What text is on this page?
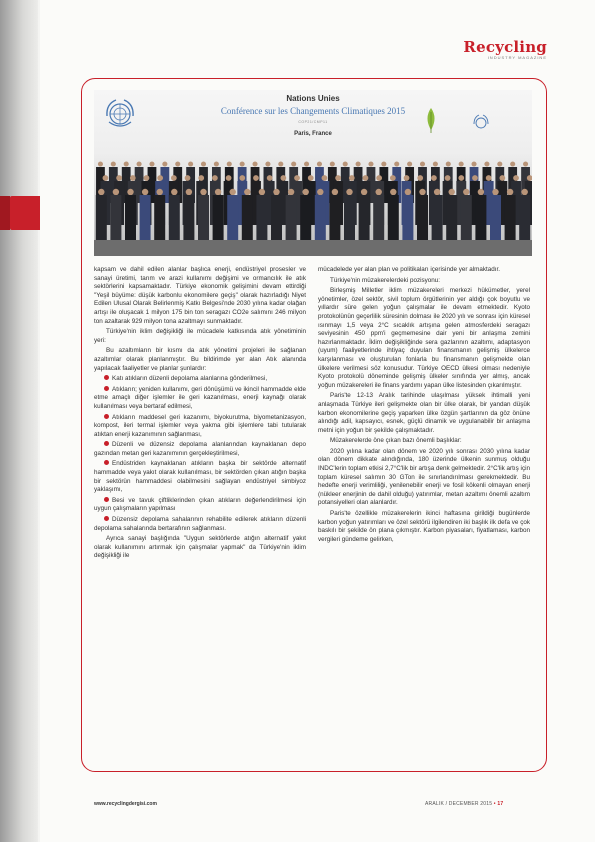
Recycling
INDUSTRY MAGAZINE
Nations Unies
Conférence sur les Changements Climatiques 2015
COP21/CMP11
Paris, France

kapsam ve dahil edilen alanlar başlıca enerji, endüstriyel prosesler ve sanayi üretimi, tarım ve arazi kullanımı değişimi ve ormancılık ile atık sektörlerini kapsamaktadır. Türkiye ekonomik gelişimini devam ettirdiği "Yeşil büyüme: düşük karbonlu ekonomilere geçiş" olarak hazırladığı Niyet Edilen Ulusal Olarak Belirlenmiş Katkı Belgesi'nde 2030 yılına kadar olağan artışı ile oluşacak 1 milyon 175 bin ton seragazı CO2e salımını 246 milyon ton azaltarak 929 milyon tona azaltmayı sunmaktadır.

Türkiye'nin iklim değişikliği ile mücadele katkısında atık yönetiminin yeri:

Bu azaltımların bir kısmı da atık yönetimi projeleri ile sağlanan azaltımlar olarak planlanmıştır. Bu bildirimde yer alan Atık alanında yapılacak faaliyetler ve planlar şunlardır:

Katı atıkların düzenli depolama alanlarına gönderilmesi,

Atıkların; yeniden kullanımı, geri dönüşümü ve ikincil hammadde elde etme amaçlı diğer işlemler ile geri kazanılması, enerji kaynağı olarak kullanılması veya bertaraf edilmesi,

Atıkların maddesel geri kazanımı, biyokurutma, biyometanizasyon, kompost, ileri termal işlemler veya yakma gibi işlemlere tabi tutularak atıktan enerji kazanımının sağlanması,

Düzenli ve düzensiz depolama alanlarından kaynaklanan depo gazından metan geri kazanımının gerçekleştirilmesi,

Endüstriden kaynaklanan atıkların başka bir sektörde alternatif hammadde veya yakıt olarak kullanılması, bir sektörden çıkan atığın başka bir sektörün hammaddesi olabilmesini sağlayan endüstriyel simbiyoz yaklaşımı,

Besi ve tavuk çiftliklerinden çıkan atıkların değerlendirilmesi için uygun çalışmaların yapılması

Düzensiz depolama sahalarının rehabilite edilerek atıkların düzenli depolama sahalarında bertarafının sağlanması.

Ayrıca sanayi başlığında "Uygun sektörlerde atığın alternatif yakıt olarak kullanımını artırmak için çalışmalar yapmak" da Türkiye'nin iklim değişikliği ile

mücadelede yer alan plan ve politikaları içerisinde yer almaktadır.

Türkiye'nin müzakerelerdeki pozisyonu:

Birleşmiş Milletler iklim müzakereleri merkezi hükümetler, yerel yönetimler, özel sektör, sivil toplum örgütlerinin yer aldığı çok boyutlu ve yıllardır süre gelen yoğun çalışmalar ile devam etmektedir. Kyoto protokolünün geçerlilik süresinin dolması ile 2020 yılı ve sonrası için küresel ısınmayı 1,5 veya 2°C sıcaklık artışına gelen atmosferdeki seragazı seviyesinin 450 ppm'i geçmemesine dair yeni bir anlaşma zemini hazırlanmaktadır. İklim değişikliğinde sera gazlarının azaltımı, adaptasyon (uyum) faaliyetlerinde ihtiyaç duyulan finansmanın gelişmiş ülkelerce karşılanması ve oluşturulan fonlarla bu finansmanın gelişmekte olan ülkelere verilmesi söz konusudur. Türkiye OECD ülkesi olması nedeniyle Kyoto protokolü döneminde gelişmiş ülkeler sınıfında yer almış, ancak yoğun müzakereleri ile finans yardımı yapan ülke listesinden çıkarılmıştır.

Paris'te 12-13 Aralık tarihinde ulaşılması yüksek ihtimalli yeni anlaşmada Türkiye ileri gelişmekte olan bir ülke olarak, bir yandan düşük karbon ekonomilerine geçiş yaparken ülke özgün şartlarının da göz önüne alındığı adil, kapsayıcı, esnek, güçlü dinamik ve uygulanabilir bir anlaşma metni için yoğun bir şekilde çalışmaktadır.

Müzakerelerde öne çıkan bazı önemli başlıklar:

2020 yılına kadar olan dönem ve 2020 yılı sonrası 2030 yılına kadar olan dönem dikkate alındığında, 180 üzerinde ülkenin sunmuş olduğu INDC'lerin toplam etkisi 2,7°C'lik bir artışa denk gelmektedir. 2°C'lik artış için toplam küresel salımın 30 GTon ile sınırlandırılması gerekmektedir. Bu hedefte enerji verimliliği, yenilenebilir enerji ve fosil kökenli olmayan enerji (nükleer enerjinin de dahil olduğu) yatırımlar, metan azaltımı önemli azaltım potansiyelleri olan alanlardır.

Paris'te özellikle müzakerelerin ikinci haftasına girildiği bugünlerde karbon yoğun yatırımları ve özel sektörü ilgilendiren iki başlık ilk defa ve çok baskılı bir şekilde ön plana çıkmıştır. Karbon piyasaları, fiyatlaması, karbon vergileri gündeme gelirken,

www.recyclingdergisi.com	ARALIK / DECEMBER 2015 • 17
